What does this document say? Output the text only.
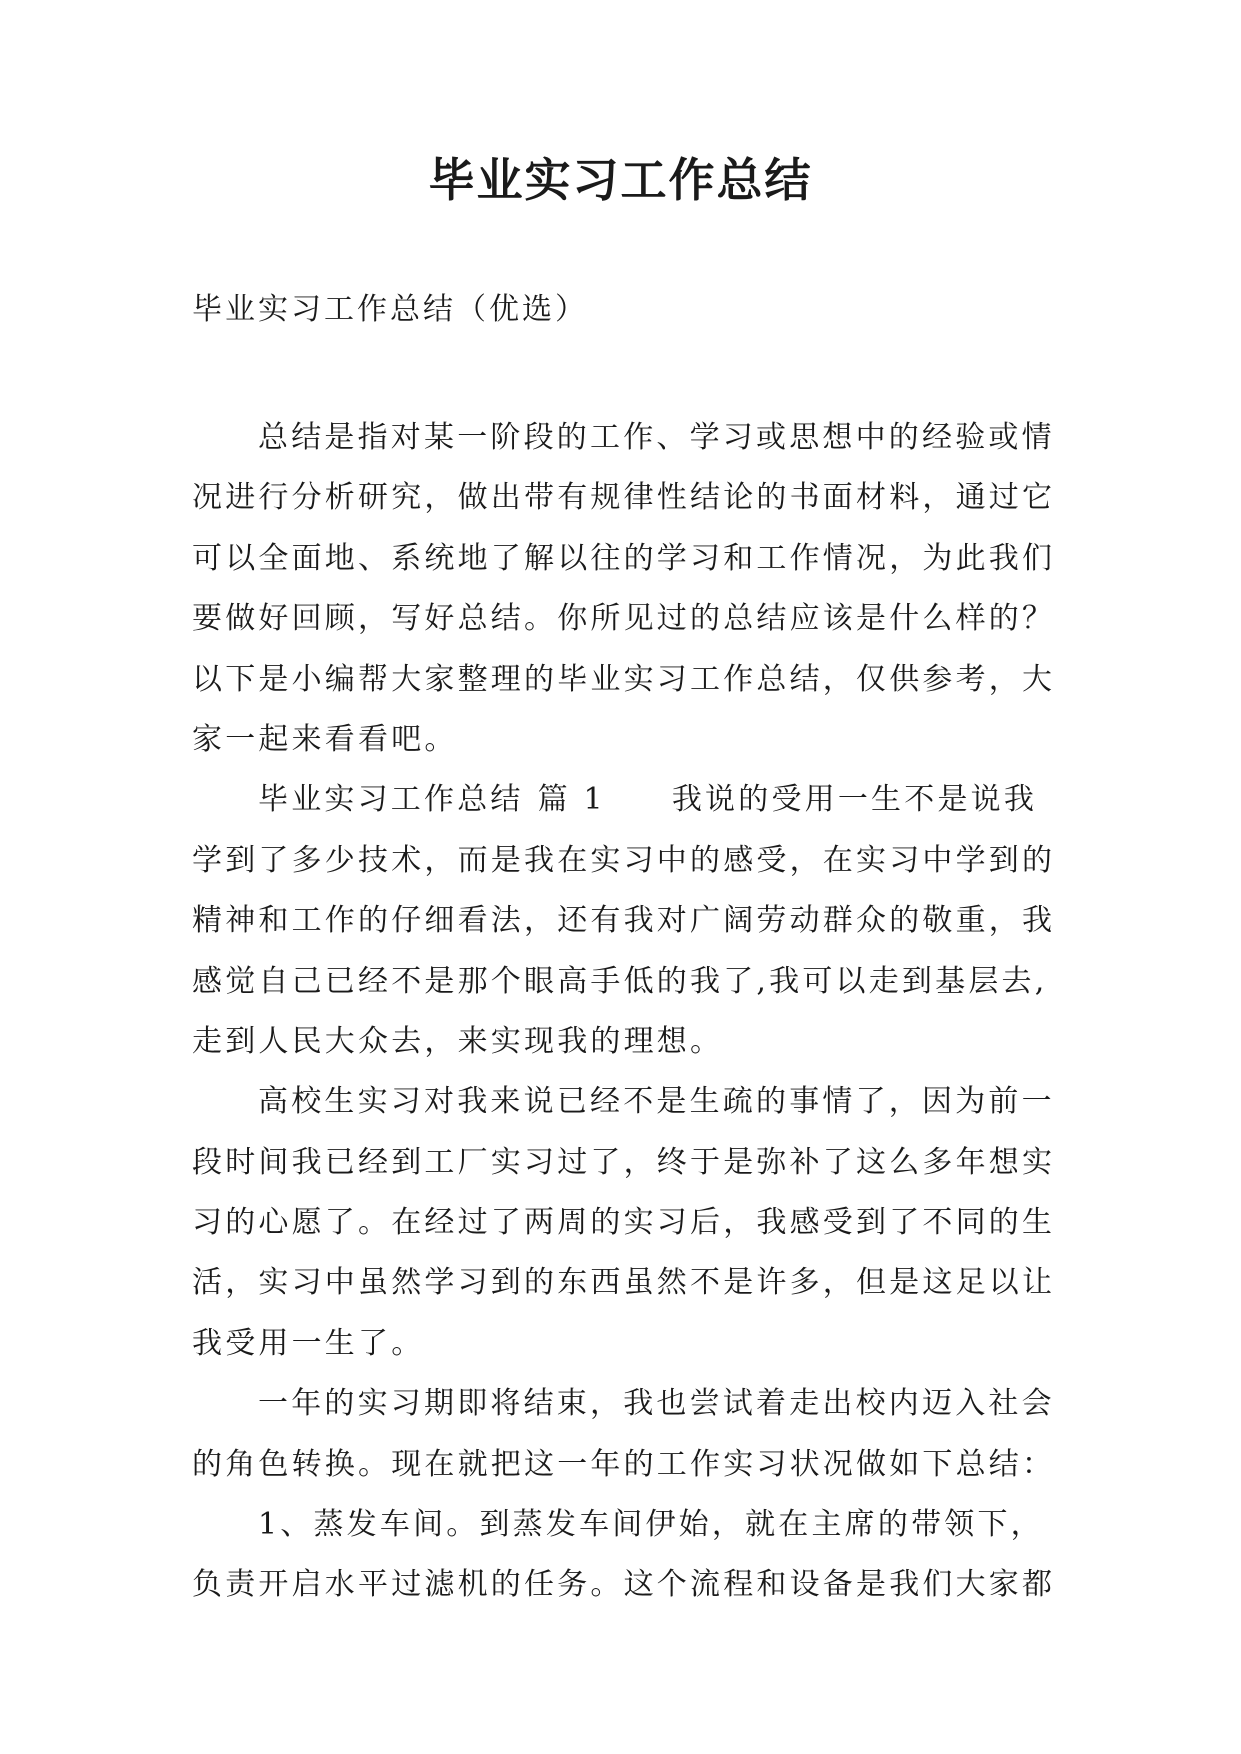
毕业实习工作总结

毕业实习工作总结（优选）

总结是指对某一阶段的工作、学习或思想中的经验或情
况进行分析研究，做出带有规律性结论的书面材料，通过它
可以全面地、系统地了解以往的学习和工作情况，为此我们
要做好回顾，写好总结。你所见过的总结应该是什么样的？
以下是小编帮大家整理的毕业实习工作总结，仅供参考，大
家一起来看看吧。

毕业实习工作总结 篇 1 我说的受用一生不是说我
学到了多少技术，而是我在实习中的感受，在实习中学到的
精神和工作的仔细看法，还有我对广阔劳动群众的敬重，我
感觉自己已经不是那个眼高手低的我了,我可以走到基层去,
走到人民大众去，来实现我的理想。

高校生实习对我来说已经不是生疏的事情了，因为前一
段时间我已经到工厂实习过了，终于是弥补了这么多年想实
习的心愿了。在经过了两周的实习后，我感受到了不同的生
活，实习中虽然学习到的东西虽然不是许多，但是这足以让
我受用一生了。

一年的实习期即将结束，我也尝试着走出校内迈入社会
的角色转换。现在就把这一年的工作实习状况做如下总结：

1、蒸发车间。到蒸发车间伊始，就在主席的带领下，
负责开启水平过滤机的任务。这个流程和设备是我们大家都
